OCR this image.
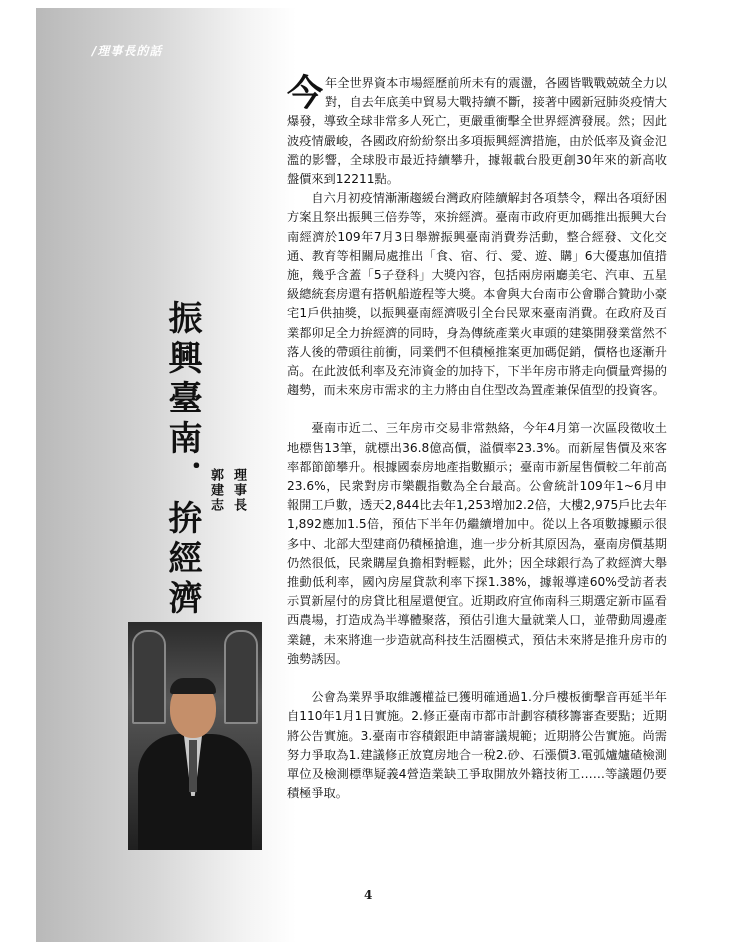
/理事長的話
振興臺南．拚經濟 理事長
郭建志

今年全世界資本市場經歷前所未有的震盪，各國皆戰戰兢兢全力以對，自去年底美中貿易大戰持續不斷，接著中國新冠肺炎疫情大爆發，導致全球非常多人死亡，更嚴重衝擊全世界經濟發展。然；因此波疫情嚴峻，各國政府紛紛祭出多項振興經濟措施，由於低率及資金氾濫的影響，全球股市最近持續攀升，據報載台股更創30年來的新高收盤價來到12211點。

自六月初疫情漸漸趨緩台灣政府陸續解封各項禁令，釋出各項紓困方案且祭出振興三倍券等，來拚經濟。臺南市政府更加碼推出振興大台南經濟於109年7月3日舉辦振興臺南消費券活動，整合經發、文化交通、教育等相關局處推出「食、宿、行、愛、遊、購」6大優惠加值措施，幾乎含蓋「5子登科」大獎內容，包括兩房兩廳美宅、汽車、五星級總統套房還有搭帆船遊程等大獎。本會與大台南市公會聯合贊助小豪宅1戶供抽獎，以振興臺南經濟吸引全台民眾來臺南消費。在政府及百業都卯足全力拚經濟的同時，身為傳統產業火車頭的建築開發業當然不落人後的帶頭往前衝，同業們不但積極推案更加碼促銷，價格也逐漸升高。在此波低利率及充沛資金的加持下，下半年房市將走向價量齊揚的趨勢，而未來房市需求的主力將由自住型改為置產兼保值型的投資客。

臺南市近二、三年房市交易非常熱絡，今年4月第一次區段徵收土地標售13筆，就標出36.8億高價，溢價率23.3%。而新屋售價及來客率都節節攀升。根據國泰房地產指數顯示；臺南市新屋售價較二年前高23.6%，民衆對房市樂觀指數為全台最高。公會統計109年1~6月申報開工戶數，透天2,844比去年1,253增加2.2倍，大樓2,975戶比去年1,892應加1.5倍，預估下半年仍繼續增加中。從以上各項數據顯示很多中、北部大型建商仍積極搶進，進一步分析其原因為，臺南房價基期仍然很低，民衆購屋負擔相對輕鬆，此外；因全球銀行為了救經濟大舉推動低利率，國內房屋貸款利率下探1.38%，據報導達60%受訪者表示買新屋付的房貸比租屋還便宜。近期政府宣佈南科三期選定新市區看西農場，打造成為半導體聚落，預估引進大量就業人口，並帶動周邊產業鏈，未來將進一步造就高科技生活圈模式，預估未來將是推升房市的強勢誘因。

公會為業界爭取維護權益已獲明確通過1.分戶樓板衝擊音再延半年自110年1月1日實施。2.修正臺南市都市計劃容積移籌審查要點；近期將公告實施。3.臺南市容積銀距申請審議規範；近期將公告實施。尚需努力爭取為1.建議修正放寬房地合一稅2.砂、石漲價3.電弧爐爐碴檢測單位及檢測標準疑義4營造業缺工爭取開放外籍技術工……等議題仍要積極爭取。

4
